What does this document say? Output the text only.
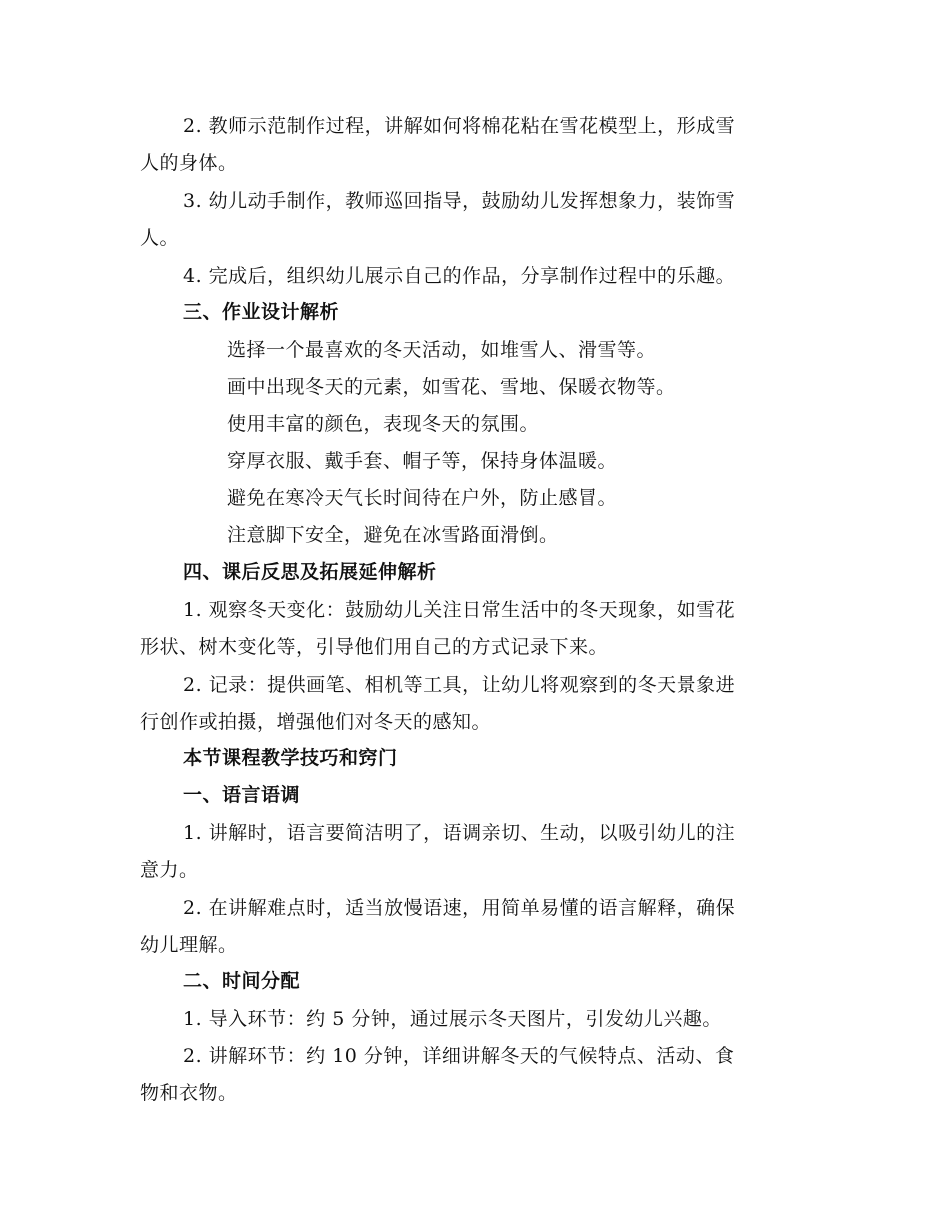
2. 教师示范制作过程，讲解如何将棉花粘在雪花模型上，形成雪
人的身体。
3. 幼儿动手制作，教师巡回指导，鼓励幼儿发挥想象力，装饰雪
人。
4. 完成后，组织幼儿展示自己的作品，分享制作过程中的乐趣。
三、作业设计解析
选择一个最喜欢的冬天活动，如堆雪人、滑雪等。
画中出现冬天的元素，如雪花、雪地、保暖衣物等。
使用丰富的颜色，表现冬天的氛围。
穿厚衣服、戴手套、帽子等，保持身体温暖。
避免在寒冷天气长时间待在户外，防止感冒。
注意脚下安全，避免在冰雪路面滑倒。
四、课后反思及拓展延伸解析
1. 观察冬天变化：鼓励幼儿关注日常生活中的冬天现象，如雪花
形状、树木变化等，引导他们用自己的方式记录下来。
2. 记录：提供画笔、相机等工具，让幼儿将观察到的冬天景象进
行创作或拍摄，增强他们对冬天的感知。
本节课程教学技巧和窍门
一、语言语调
1. 讲解时，语言要简洁明了，语调亲切、生动，以吸引幼儿的注
意力。
2. 在讲解难点时，适当放慢语速，用简单易懂的语言解释，确保
幼儿理解。
二、时间分配
1. 导入环节：约 5 分钟，通过展示冬天图片，引发幼儿兴趣。
2. 讲解环节：约 10 分钟，详细讲解冬天的气候特点、活动、食
物和衣物。
